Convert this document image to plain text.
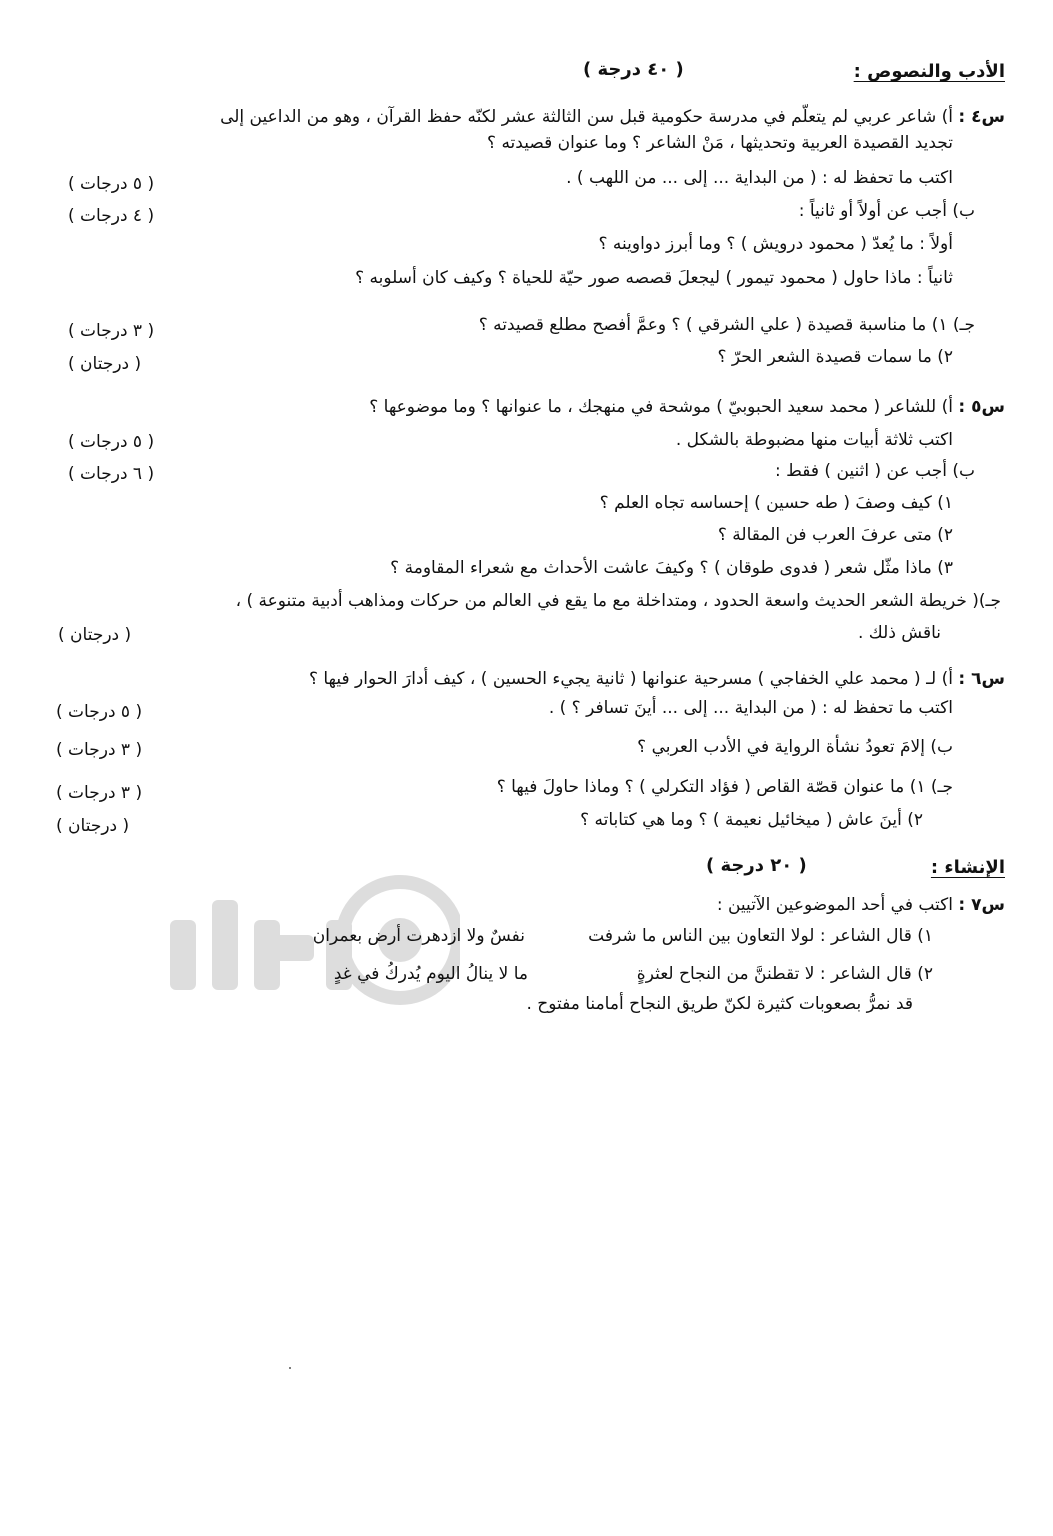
الأدب والنصوص :
( ٤٠ درجة )
س٤ :
أ) شاعر عربي لم يتعلّم في مدرسة حكومية قبل سن الثالثة عشر لكنّه حفظ القرآن ، وهو من الداعين إلى
تجديد القصيدة العربية وتحديثها ، مَنْ الشاعر ؟ وما عنوان قصيدته ؟
اكتب ما تحفظ له : ( من البداية ... إلى ... من اللهب ) .
( ٥ درجات )
ب) أجب عن أولاً أو ثانياً :
( ٤ درجات )
أولاً : ما يُعدّ ( محمود درويش ) ؟ وما أبرز دواوينه ؟
ثانياً : ماذا حاول ( محمود تيمور ) ليجعلَ قصصه صور حيّة للحياة ؟ وكيف كان أسلوبه ؟
جـ) ١) ما مناسبة قصيدة ( علي الشرقي ) ؟ وعمَّ أفصح مطلع قصيدته ؟
( ٣ درجات )
٢) ما سمات قصيدة الشعر الحرّ ؟
( درجتان )
س٥ :
أ) للشاعر ( محمد سعيد الحبوبيّ ) موشحة في منهجك ، ما عنوانها ؟ وما موضوعها ؟
اكتب ثلاثة أبيات منها مضبوطة بالشكل .
( ٥ درجات )
ب) أجب عن ( اثنين ) فقط :
( ٦ درجات )
١) كيف وصفَ ( طه حسين ) إحساسه تجاه العلم ؟
٢) متى عرفَ العرب فن المقالة ؟
٣) ماذا مثّل شعر ( فدوى طوقان ) ؟ وكيفَ عاشت الأحداث مع شعراء المقاومة ؟
جـ)( خريطة الشعر الحديث واسعة الحدود ، ومتداخلة مع ما يقع في العالم من حركات ومذاهب أدبية متنوعة ) ،
ناقش ذلك .
( درجتان )
س٦ :
أ) لـ ( محمد علي الخفاجي ) مسرحية عنوانها ( ثانية يجيء الحسين ) ، كيف أدارَ الحوار فيها ؟
اكتب ما تحفظ له : ( من البداية ... إلى ... أينَ تسافر ؟ ) .
( ٥ درجات )
ب) إلامَ تعودُ نشأة الرواية في الأدب العربي ؟
( ٣ درجات )
جـ) ١) ما عنوان قصّة القاص ( فؤاد التكرلي ) ؟ وماذا حاولَ فيها ؟
( ٣ درجات )
٢) أينَ عاش ( ميخائيل نعيمة ) ؟ وما هي كتاباته ؟
( درجتان )
الإنشاء :
( ٢٠ درجة )
س٧ :
اكتب في أحد الموضوعين الآتيين :
١) قال الشاعر : لولا التعاون بين الناس ما شرفت
نفسٌ ولا ازدهرت أرض بعمران
٢) قال الشاعر : لا تقطننَّ من النجاح لعثرةٍ
ما لا ينالُ اليوم يُدركُ في غدٍ
قد نمرُّ بصعوبات كثيرة لكنّ طريق النجاح أمامنا مفتوح .
